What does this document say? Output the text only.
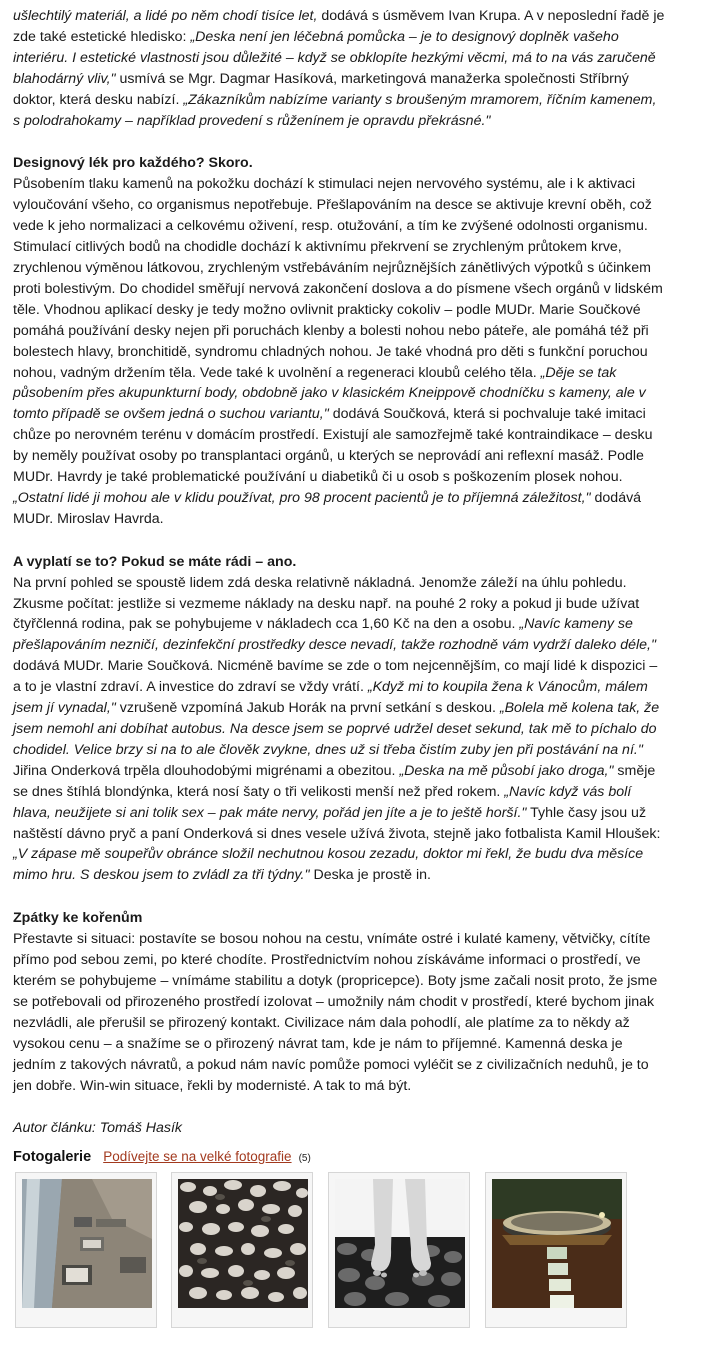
ušlechtilý materiál, a lidé po něm chodí tisíce let, dodává s úsměvem Ivan Krupa. A v neposlední řadě je zde také estetické hledisko: „Deska není jen léčebná pomůcka – je to designový doplněk vašeho interiéru. I estetické vlastnosti jsou důležité – když se obklopíte hezkými věcmi, má to na vás zaručeně blahodárný vliv," usmívá se Mgr. Dagmar Hasíková, marketingová manažerka společnosti Stříbrný doktor, která desku nabízí. „Zákazníkům nabízíme varianty s broušeným mramorem, říčním kamenem, s polodrahokamy – například provedení s růženínem je opravdu překrásné."

Designový lék pro každého? Skoro.

Působením tlaku kamenů na pokožku dochází k stimulaci nejen nervového systému, ale i k aktivaci vyloučování všeho, co organismus nepotřebuje. Přešlapováním na desce se aktivuje krevní oběh, což vede k jeho normalizaci a celkovému oživení, resp. otužování, a tím ke zvýšené odolnosti organismu. Stimulací citlivých bodů na chodidle dochází k aktivnímu překrvení se zrychleným průtokem krve, zrychlenou výměnou látkovou, zrychleným vstřebáváním nejrůznějších zánětlivých výpotků s účinkem proti bolestivým. Do chodidel směřují nervová zakončení doslova a do písmene všech orgánů v lidském těle. Vhodnou aplikací desky je tedy možno ovlivnit prakticky cokoliv – podle MUDr. Marie Součkové pomáhá používání desky nejen při poruchách klenby a bolesti nohou nebo páteře, ale pomáhá též při bolestech hlavy, bronchitidě, syndromu chladných nohou. Je také vhodná pro děti s funkční poruchou nohou, vadným držením těla. Vede také k uvolnění a regeneraci kloubů celého těla. „Děje se tak působením přes akupunkturní body, obdobně jako v klasickém Kneippově chodníčku s kameny, ale v tomto případě se ovšem jedná o suchou variantu," dodává Součková, která si pochvaluje také imitaci chůze po nerovném terénu v domácím prostředí. Existují ale samozřejmě také kontraindikace – desku by neměly používat osoby po transplantaci orgánů, u kterých se neprovádí ani reflexní masáž. Podle MUDr. Havrdy je také problematické používání u diabetiků či u osob s poškozením plosek nohou. „Ostatní lidé ji mohou ale v klidu používat, pro 98 procent pacientů je to příjemná záležitost," dodává MUDr. Miroslav Havrda.

A vyplatí se to? Pokud se máte rádi – ano.

Na první pohled se spoustě lidem zdá deska relativně nákladná. Jenomže záleží na úhlu pohledu. Zkusme počítat: jestliže si vezmeme náklady na desku např. na pouhé 2 roky a pokud ji bude užívat čtyřčlenná rodina, pak se pohybujeme v nákladech cca 1,60 Kč na den a osobu. „Navíc kameny se přešlapováním nezničí, dezinfekční prostředky desce nevadí, takže rozhodně vám vydrží daleko déle," dodává MUDr. Marie Součková. Nicméně bavíme se zde o tom nejcennějším, co mají lidé k dispozici – a to je vlastní zdraví. A investice do zdraví se vždy vrátí. „Když mi to koupila žena k Vánocům, málem jsem jí vynadal," vzrušeně vzpomíná Jakub Horák na první setkání s deskou. „Bolela mě kolena tak, že jsem nemohl ani dobíhat autobus. Na desce jsem se poprvé udržel deset sekund, tak mě to píchalo do chodidel. Velice brzy si na to ale člověk zvykne, dnes už si třeba čistím zuby jen při postávání na ní." Jiřina Onderková trpěla dlouhodobými migrénami a obezitou. „Deska na mě působí jako droga," směje se dnes štíhlá blondýnka, která nosí šaty o tři velikosti menší než před rokem. „Navíc když vás bolí hlava, neužijete si ani tolik sex – pak máte nervy, pořád jen jíte a je to ještě horší." Tyhle časy jsou už naštěstí dávno pryč a paní Onderková si dnes vesele užívá života, stejně jako fotbalista Kamil Hloušek: „V zápase mě soupeřův obránce složil nechutnou kosou zezadu, doktor mi řekl, že budu dva měsíce mimo hru. S deskou jsem to zvládl za tři týdny." Deska je prostě in.

Zpátky ke kořenům

Přestavte si situaci: postavíte se bosou nohou na cestu, vnímáte ostré i kulaté kameny, větvičky, cítíte přímo pod sebou zemi, po které chodíte. Prostřednictvím nohou získáváme informaci o prostředí, ve kterém se pohybujeme – vnímáme stabilitu a dotyk (propricepce). Boty jsme začali nosit proto, že jsme se potřebovali od přirozeného prostředí izolovat – umožnily nám chodit v prostředí, které bychom jinak nezvládli, ale přerušil se přirozený kontakt. Civilizace nám dala pohodlí, ale platíme za to někdy až vysokou cenu – a snažíme se o přirozený návrat tam, kde je nám to příjemné. Kamenná deska je jedním z takových návratů, a pokud nám navíc pomůže pomoci vyléčit se z civilizačních neduhů, je to jen dobře. Win-win situace, řekli by modernisté. A tak to má být.

Autor článku: Tomáš Hasík

Fotogalerie Podívejte se na velké fotografie (5)
